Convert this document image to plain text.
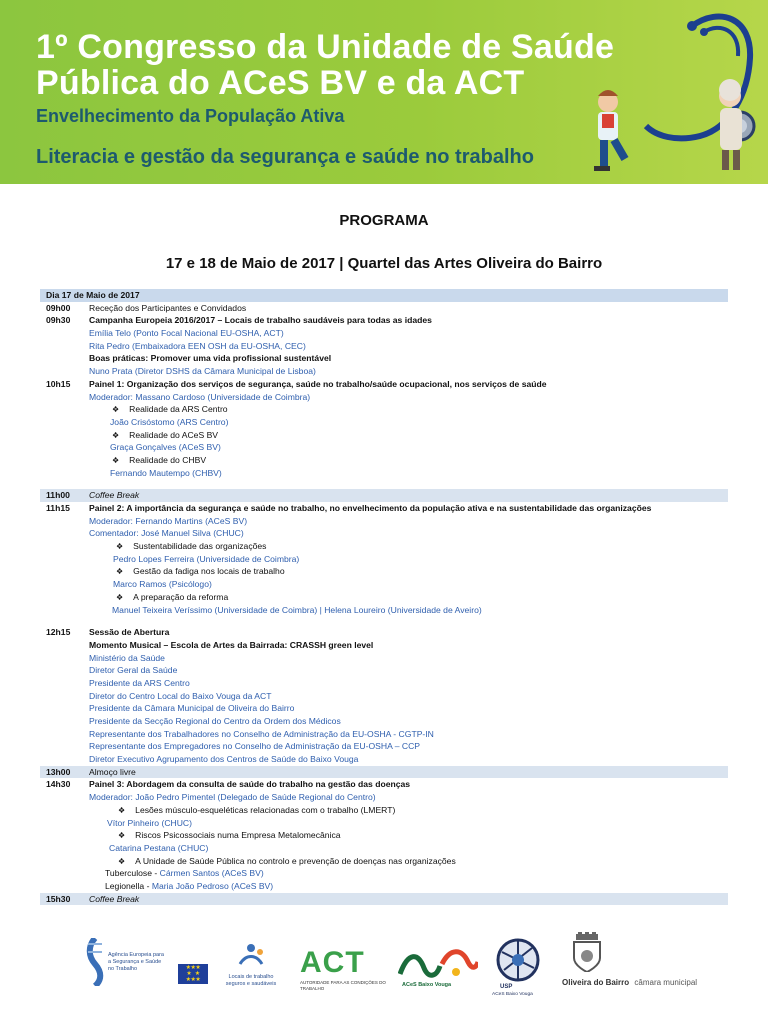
1º Congresso da Unidade de Saúde
Pública do ACeS BV e da ACT
Envelhecimento da População Ativa
Literacia e gestão da segurança e saúde no trabalho
PROGRAMA
17 e 18 de Maio de 2017 | Quartel das Artes Oliveira do Bairro
Dia 17 de Maio de 2017
09h00 Receção dos Participantes e Convidados
09h30 Campanha Europeia 2016/2017 – Locais de trabalho saudáveis para todas as idades
Emília Telo (Ponto Focal Nacional EU-OSHA, ACT)
Rita Pedro (Embaixadora EEN OSH da EU-OSHA, CEC)
Boas práticas: Promover uma vida profissional sustentável
Nuno Prata (Diretor DSHS da Câmara Municipal de Lisboa)
10h15 Painel 1: Organização dos serviços de segurança, saúde no trabalho/saúde ocupacional, nos serviços de saúde
Moderador: Massano Cardoso (Universidade de Coimbra)
❖ Realidade da ARS Centro
João Crisóstomo (ARS Centro)
❖ Realidade do ACeS BV
Graça Gonçalves (ACeS BV)
❖ Realidade do CHBV
Fernando Mautempo (CHBV)
11h00 Coffee Break
11h15 Painel 2: A importância da segurança e saúde no trabalho, no envelhecimento da população ativa e na sustentabilidade das organizações
Moderador: Fernando Martins (ACeS BV)
Comentador: José Manuel Silva (CHUC)
❖ Sustentabilidade das organizações
Pedro Lopes Ferreira (Universidade de Coimbra)
❖ Gestão da fadiga nos locais de trabalho
Marco Ramos (Psicólogo)
❖ A preparação da reforma
Manuel Teixeira Veríssimo (Universidade de Coimbra) | Helena Loureiro (Universidade de Aveiro)
12h15 Sessão de Abertura
Momento Musical – Escola de Artes da Bairrada: CRASSH green level
Ministério da Saúde
Diretor Geral da Saúde
Presidente da ARS Centro
Diretor do Centro Local do Baixo Vouga da ACT
Presidente da Câmara Municipal de Oliveira do Bairro
Presidente da Secção Regional do Centro da Ordem dos Médicos
Representante dos Trabalhadores no Conselho de Administração da EU-OSHA - CGTP-IN
Representante dos Empregadores no Conselho de Administração da EU-OSHA – CCP
Diretor Executivo Agrupamento dos Centros de Saúde do Baixo Vouga
13h00 Almoço livre
14h30 Painel 3: Abordagem da consulta de saúde do trabalho na gestão das doenças
Moderador: João Pedro Pimentel (Delegado de Saúde Regional do Centro)
❖ Lesões músculo-esqueléticas relacionadas com o trabalho (LMERT)
Vítor Pinheiro (CHUC)
❖ Riscos Psicossociais numa Empresa Metalomecânica
Catarina Pestana (CHUC)
❖ A Unidade de Saúde Pública no controlo e prevenção de doenças nas organizações
Tuberculose - Cármen Santos (ACeS BV)
Legionella - Maria João Pedroso (ACeS BV)
15h30 Coffee Break
Agência Europeia para a Segurança e Saúde no Trabalho	★★★
★   ★
★★★	Locais de trabalho seguros e saudáveis
ACT
AUTORIDADE PARA AS CONDIÇÕES DO TRABALHO
ACeS Baixo Vouga	USP
ACeS Baixo Vouga
Oliveira do Bairro câmara municipal
